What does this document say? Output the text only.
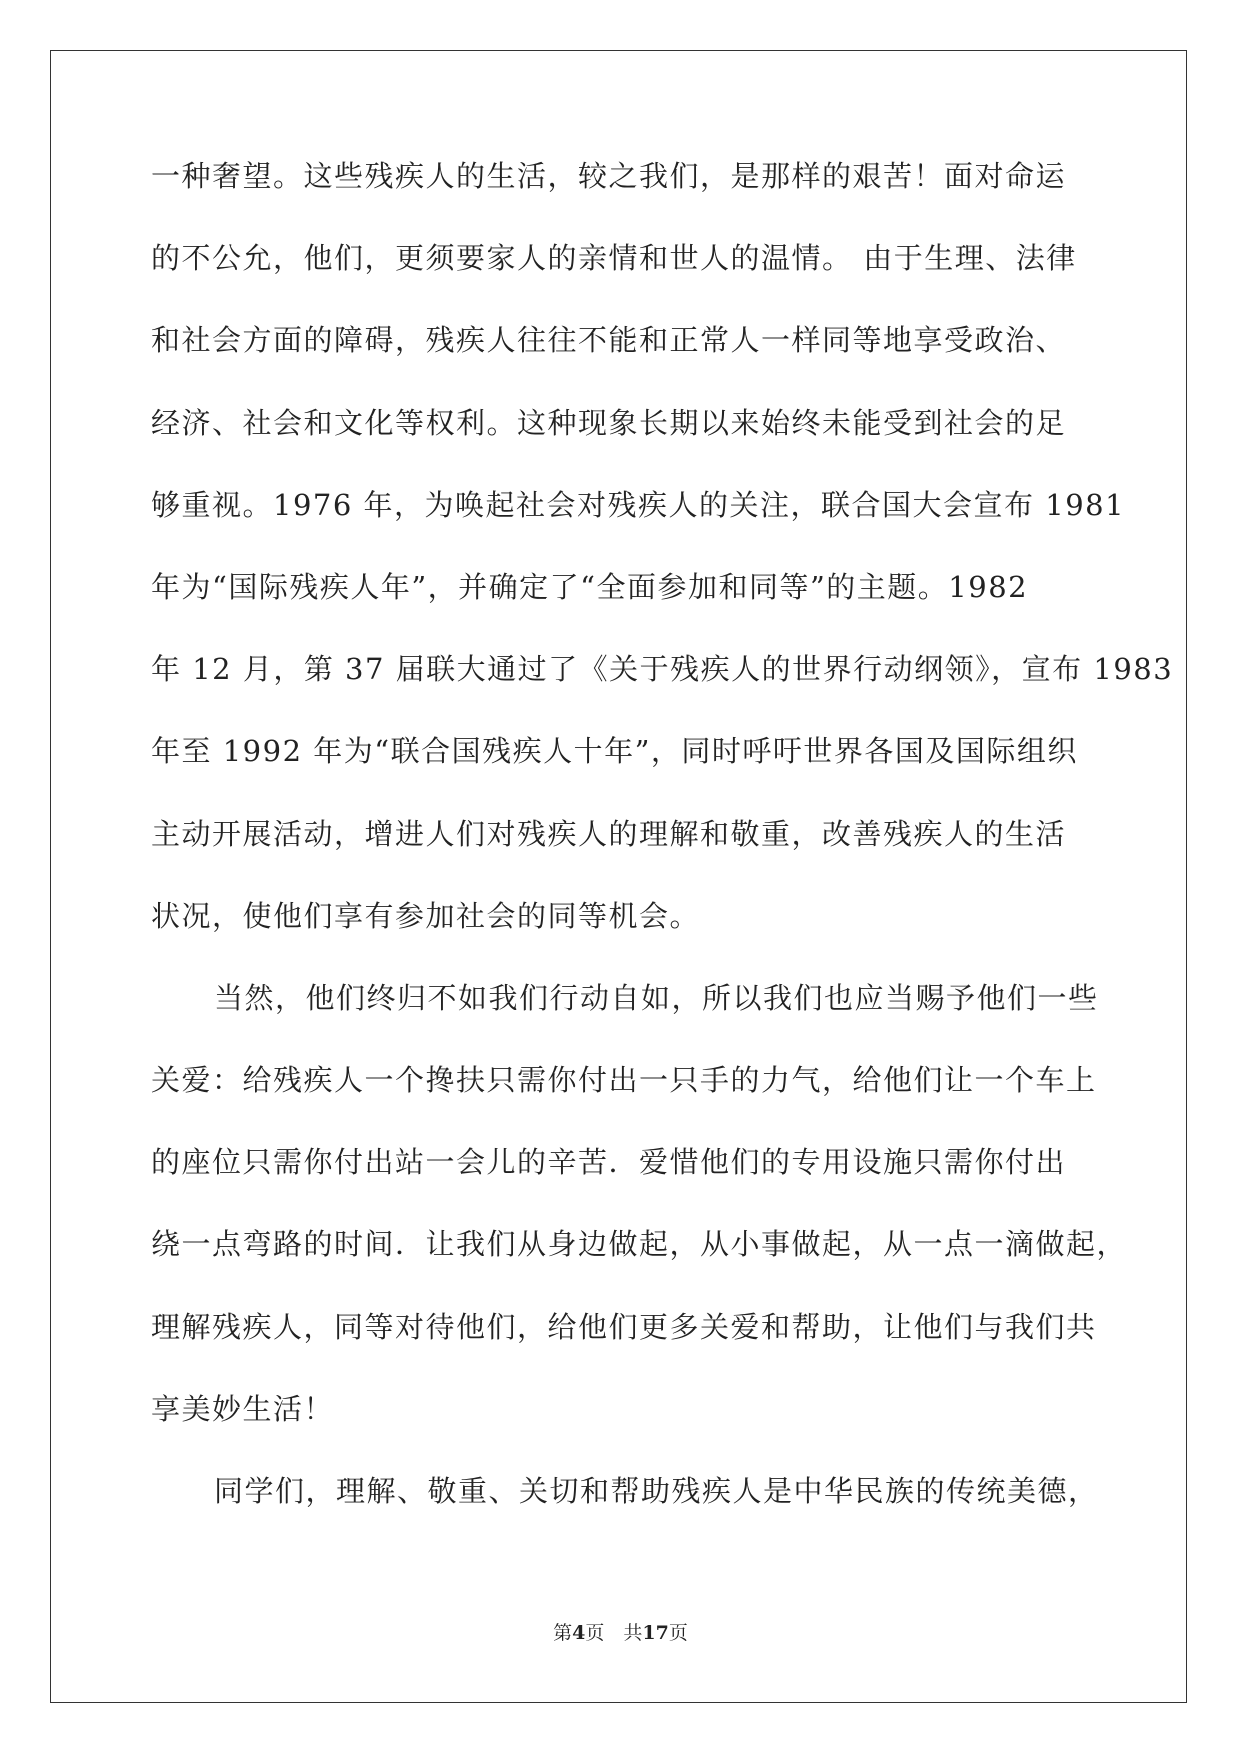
一种奢望。这些残疾人的生活，较之我们，是那样的艰苦！面对命运
的不公允，他们，更须要家人的亲情和世人的温情。 由于生理、法律
和社会方面的障碍，残疾人往往不能和正常人一样同等地享受政治、
经济、社会和文化等权利。这种现象长期以来始终未能受到社会的足
够重视。1976 年，为唤起社会对残疾人的关注，联合国大会宣布 1981
年为“国际残疾人年”，并确定了“全面参加和同等”的主题。1982
年 12 月，第 37 届联大通过了《关于残疾人的世界行动纲领》，宣布 1983
年至 1992 年为“联合国残疾人十年”，同时呼吁世界各国及国际组织
主动开展活动，增进人们对残疾人的理解和敬重，改善残疾人的生活
状况，使他们享有参加社会的同等机会。
当然，他们终归不如我们行动自如，所以我们也应当赐予他们一些
关爱：给残疾人一个搀扶只需你付出一只手的力气，给他们让一个车上
的座位只需你付出站一会儿的辛苦．爱惜他们的专用设施只需你付出
绕一点弯路的时间．让我们从身边做起，从小事做起，从一点一滴做起，
理解残疾人，同等对待他们，给他们更多关爱和帮助，让他们与我们共
享美妙生活！
同学们，理解、敬重、关切和帮助残疾人是中华民族的传统美德，
第4页　共17页
